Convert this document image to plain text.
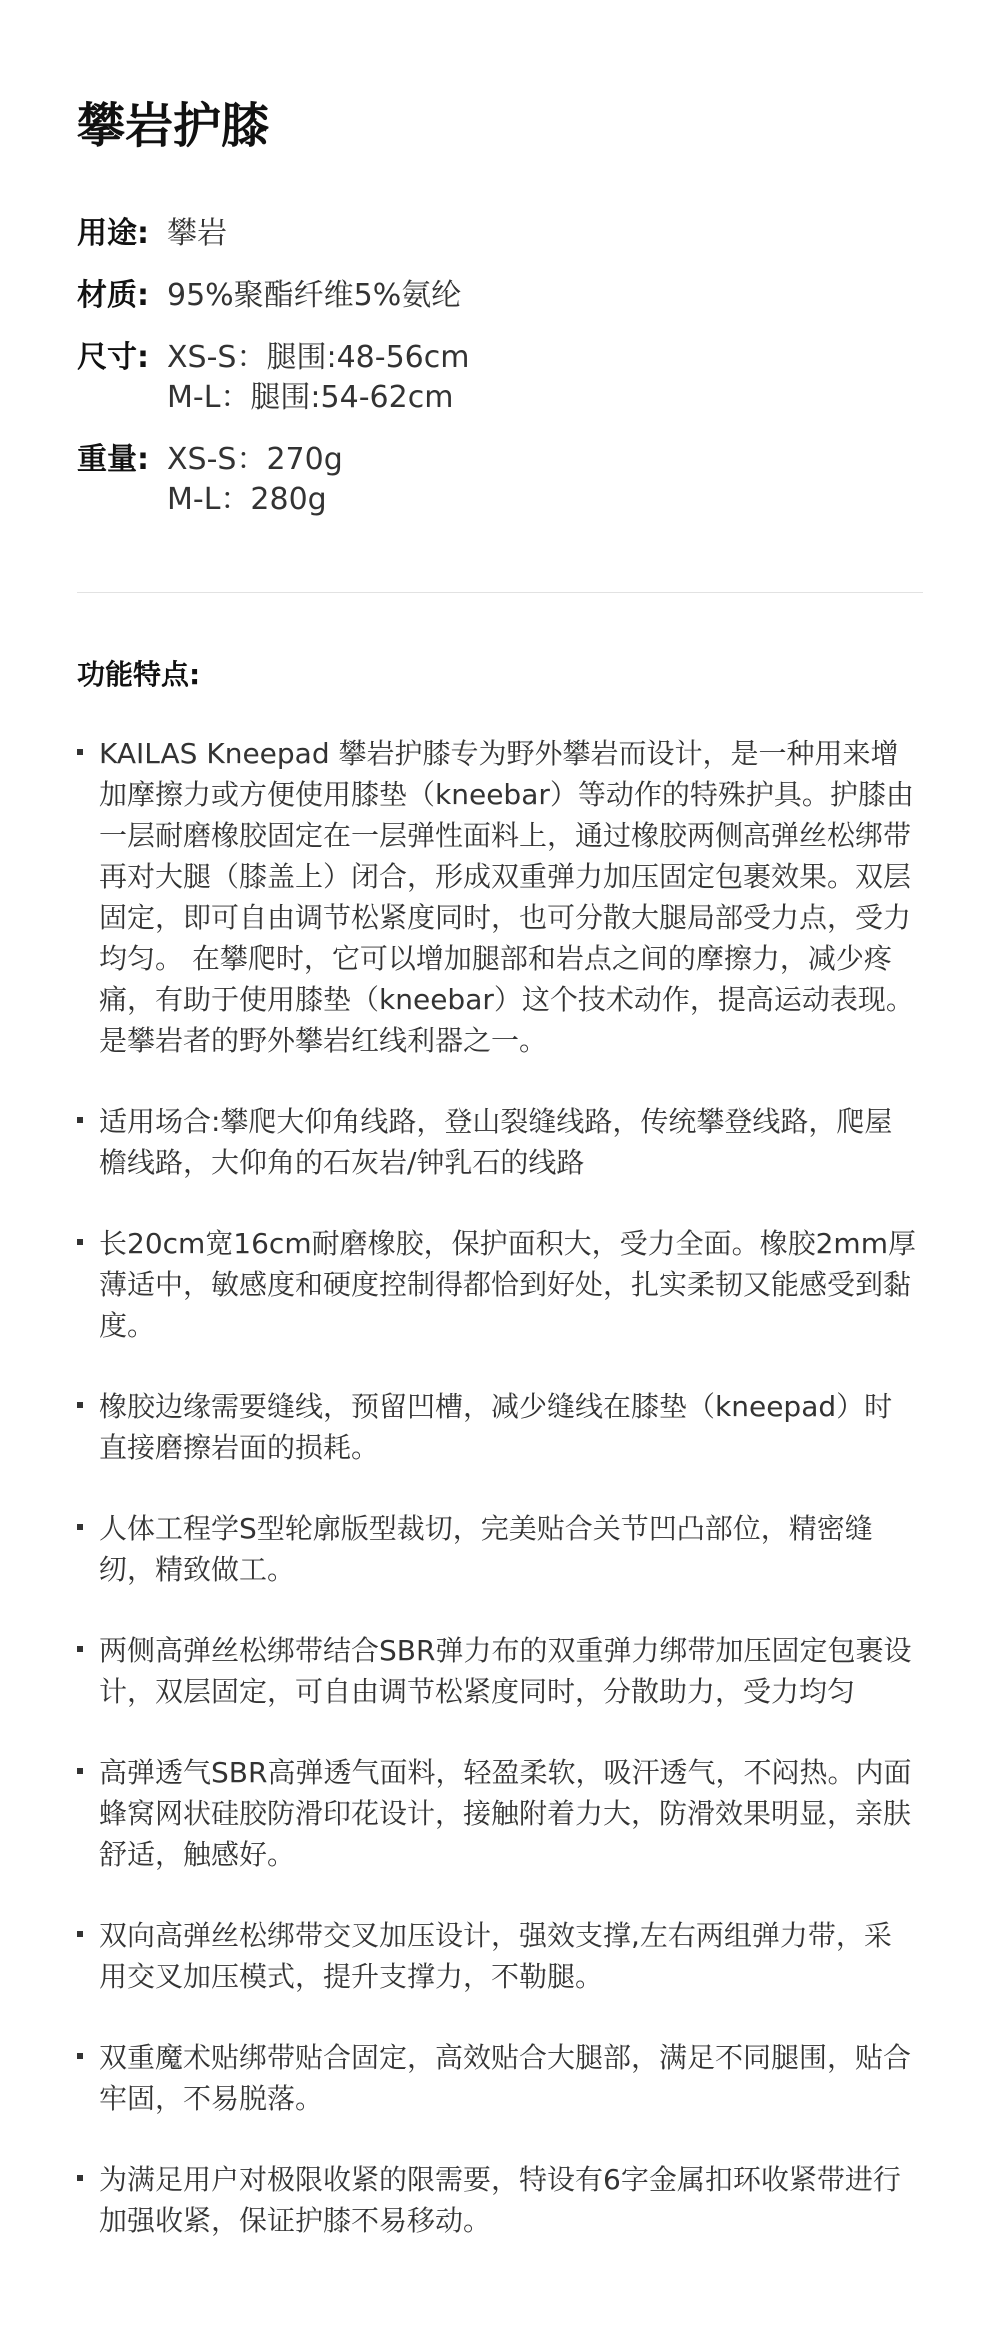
攀岩护膝
用途: 攀岩
材质: 95%聚酯纤维5%氨纶
尺寸: XS-S：腿围:48-56cm
M-L：腿围:54-62cm
重量: XS-S：270g
M-L：280g
功能特点:
KAILAS Kneepad 攀岩护膝专为野外攀岩而设计，是一种用来增加摩擦力或方便使用膝垫（kneebar）等动作的特殊护具。护膝由一层耐磨橡胶固定在一层弹性面料上，通过橡胶两侧高弹丝松绑带再对大腿（膝盖上）闭合，形成双重弹力加压固定包裹效果。双层固定，即可自由调节松紧度同时，也可分散大腿局部受力点，受力均匀。 在攀爬时，它可以增加腿部和岩点之间的摩擦力，减少疼痛，有助于使用膝垫（kneebar）这个技术动作，提高运动表现。是攀岩者的野外攀岩红线利器之一。
适用场合:攀爬大仰角线路，登山裂缝线路，传统攀登线路，爬屋檐线路，大仰角的石灰岩/钟乳石的线路
长20cm宽16cm耐磨橡胶，保护面积大，受力全面。橡胶2mm厚薄适中，敏感度和硬度控制得都恰到好处，扎实柔韧又能感受到黏度。
橡胶边缘需要缝线，预留凹槽，减少缝线在膝垫（kneepad）时直接磨擦岩面的损耗。
人体工程学S型轮廓版型裁切，完美贴合关节凹凸部位，精密缝纫，精致做工。
两侧高弹丝松绑带结合SBR弹力布的双重弹力绑带加压固定包裹设计，双层固定，可自由调节松紧度同时，分散助力，受力均匀
高弹透气SBR高弹透气面料，轻盈柔软，吸汗透气，不闷热。内面蜂窝网状硅胶防滑印花设计，接触附着力大，防滑效果明显，亲肤舒适，触感好。
双向高弹丝松绑带交叉加压设计，强效支撑,左右两组弹力带，采用交叉加压模式，提升支撑力，不勒腿。
双重魔术贴绑带贴合固定，高效贴合大腿部，满足不同腿围，贴合牢固，不易脱落。
为满足用户对极限收紧的限需要，特设有6字金属扣环收紧带进行加强收紧，保证护膝不易移动。
